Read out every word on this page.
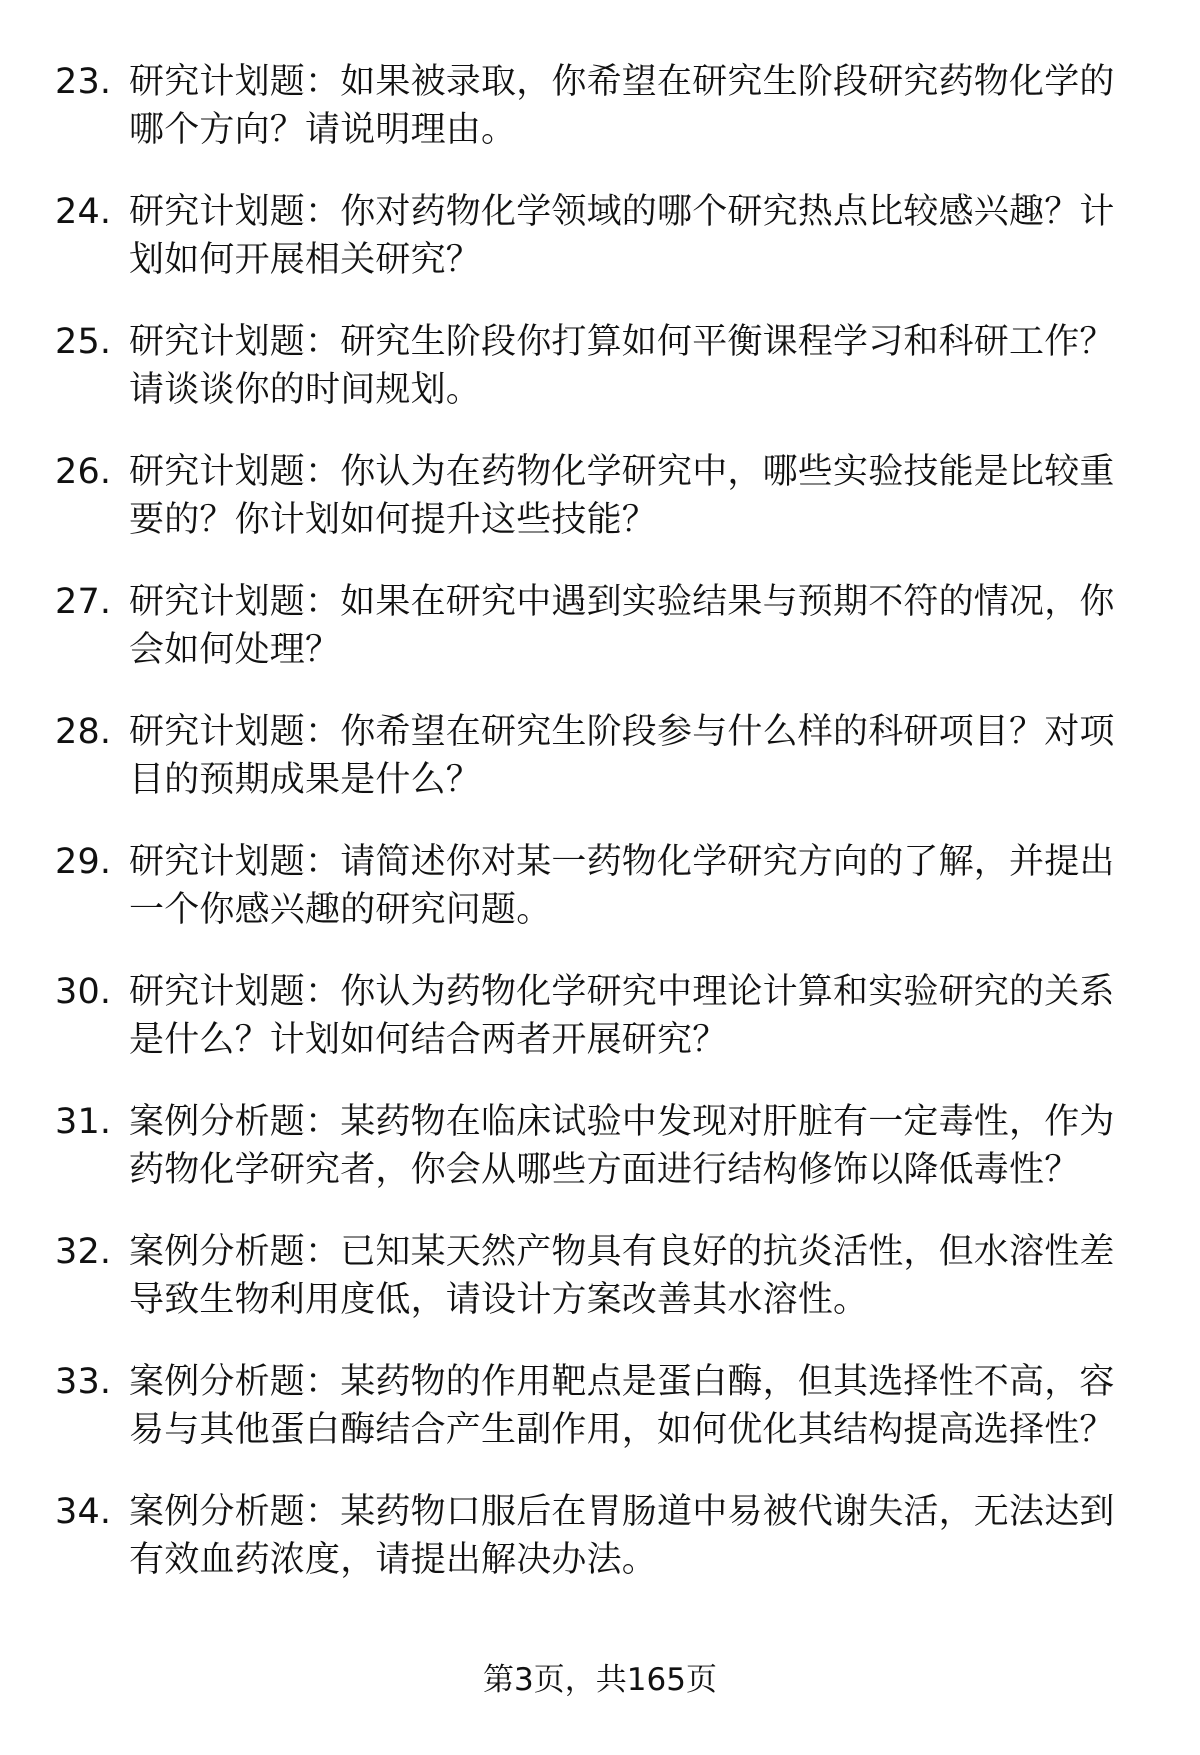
23. 研究计划题：如果被录取，你希望在研究生阶段研究药物化学的哪个方向？请说明理由。
24. 研究计划题：你对药物化学领域的哪个研究热点比较感兴趣？计划如何开展相关研究？
25. 研究计划题：研究生阶段你打算如何平衡课程学习和科研工作？请谈谈你的时间规划。
26. 研究计划题：你认为在药物化学研究中，哪些实验技能是比较重要的？你计划如何提升这些技能？
27. 研究计划题：如果在研究中遇到实验结果与预期不符的情况，你会如何处理？
28. 研究计划题：你希望在研究生阶段参与什么样的科研项目？对项目的预期成果是什么？
29. 研究计划题：请简述你对某一药物化学研究方向的了解，并提出一个你感兴趣的研究问题。
30. 研究计划题：你认为药物化学研究中理论计算和实验研究的关系是什么？计划如何结合两者开展研究？
31. 案例分析题：某药物在临床试验中发现对肝脏有一定毒性，作为药物化学研究者，你会从哪些方面进行结构修饰以降低毒性？
32. 案例分析题：已知某天然产物具有良好的抗炎活性，但水溶性差导致生物利用度低，请设计方案改善其水溶性。
33. 案例分析题：某药物的作用靶点是蛋白酶，但其选择性不高，容易与其他蛋白酶结合产生副作用，如何优化其结构提高选择性？
34. 案例分析题：某药物口服后在胃肠道中易被代谢失活，无法达到有效血药浓度，请提出解决办法。
第3页，共165页
